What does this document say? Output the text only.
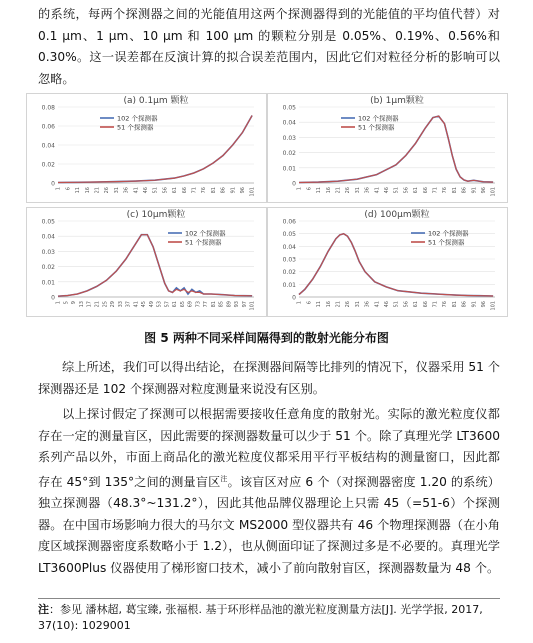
的系统，每两个探测器之间的光能值用这两个探测器得到的光能值的平均值代替）对 0.1 μm、1 μm、10 μm 和 100 μm 的颗粒分别是 0.05%、0.19%、0.56%和 0.30%。这一误差都在反演计算的拟合误差范围内，因此它们对粒径分析的影响可以忽略。

(a) 0.1μm 颗粒
0
0.02
0.04
0.06
0.08
1 6 11 16 21 26 31 36 41 46 51 56 61 66 71 76 81 86 91 96 101
102 个探测器
51 个探测器
(b) 1μm颗粒
0
0.01
0.02
0.03
0.04
0.05
1 6 11 16 21 26 31 36 41 46 51 56 61 66 71 76 81 86 91 96 101
102 个探测器
51 个探测器
(c) 10μm颗粒
0
0.01
0.02
0.03
0.04
0.05
1 5 9 13 17 21 25 29 33 37 41 45 49 53 57 61 65 69 73 77 81 85 89 93 97 101
102 个探测器
51 个探测器
(d) 100μm颗粒
0
0.01
0.02
0.03
0.04
0.05
0.06
1 6 11 16 21 26 31 36 41 46 51 56 61 66 71 76 81 86 91 96 101
102 个探测器
51 个探测器

图 5 两种不同采样间隔得到的散射光能分布图

综上所述，我们可以得出结论，在探测器间隔等比排列的情况下，仪器采用 51 个探测器还是 102 个探测器对粒度测量来说没有区别。

以上探讨假定了探测可以根据需要接收任意角度的散射光。实际的激光粒度仪都存在一定的测量盲区，因此需要的探测器数量可以少于 51 个。除了真理光学 LT3600 系列产品以外，市面上商品化的激光粒度仪都采用平行平板结构的测量窗口，因此都存在 45°到 135°之间的测量盲区$^注$。该盲区对应 6 个（对探测器密度 1.20 的系统）独立探测器（48.3°~131.2°），因此其他品牌仪器理论上只需 45（=51-6）个探测器。在中国市场影响力很大的马尔文 MS2000 型仪器共有 46 个物理探测器（在小角度区域探测器密度系数略小于 1.2），也从侧面印证了探测过多是不必要的。真理光学 LT3600Plus 仪器使用了梯形窗口技术，减小了前向散射盲区，探测器数量为 48 个。

注：参见 潘林超, 葛宝臻, 张福根. 基于环形样品池的激光粒度测量方法[J]. 光学学报, 2017, 37(10): 1029001
